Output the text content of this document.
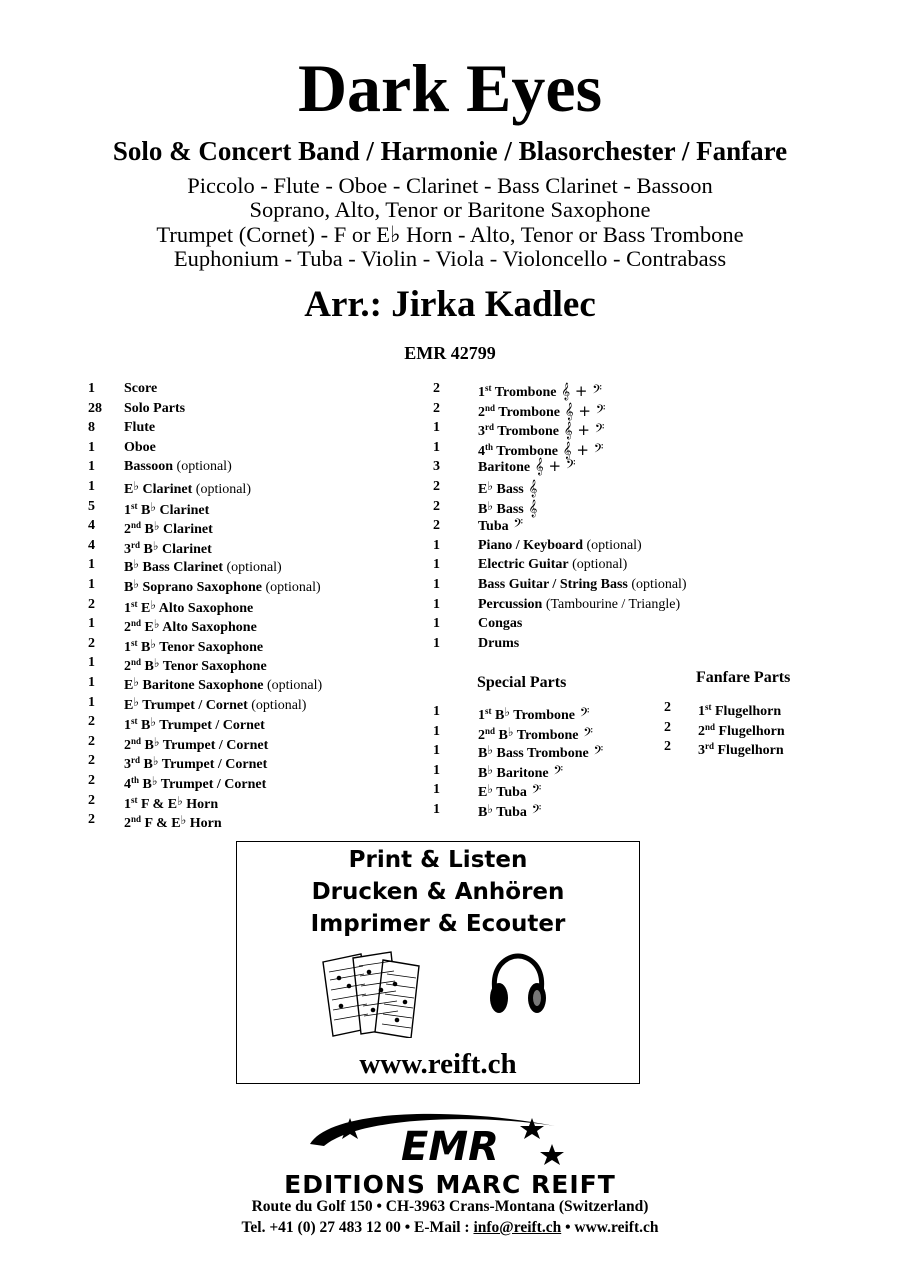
Dark Eyes
Solo & Concert Band / Harmonie / Blasorchester / Fanfare
Piccolo - Flute - Oboe - Clarinet - Bass Clarinet - Bassoon
Soprano, Alto, Tenor or Baritone Saxophone
Trumpet (Cornet) - F or E♭ Horn - Alto, Tenor or Bass Trombone
Euphonium - Tuba - Violin - Viola - Violoncello - Contrabass
Arr.: Jirka Kadlec
EMR 42799
1 Score
28 Solo Parts
8 Flute
1 Oboe
1 Bassoon (optional)
1 E♭ Clarinet (optional)
5 1st B♭ Clarinet
4 2nd B♭ Clarinet
4 3rd B♭ Clarinet
1 B♭ Bass Clarinet (optional)
1 B♭ Soprano Saxophone (optional)
2 1st E♭ Alto Saxophone
1 2nd E♭ Alto Saxophone
2 1st B♭ Tenor Saxophone
1 2nd B♭ Tenor Saxophone
1 E♭ Baritone Saxophone (optional)
1 E♭ Trumpet / Cornet (optional)
2 1st B♭ Trumpet / Cornet
2 2nd B♭ Trumpet / Cornet
2 3rd B♭ Trumpet / Cornet
2 4th B♭ Trumpet / Cornet
2 1st F & E♭ Horn
2 2nd F & E♭ Horn
2	1st Trombone 𝄞 + 𝄢
2	2nd Trombone 𝄞 + 𝄢
1	3rd Trombone 𝄞 + 𝄢
1	4th Trombone 𝄞 + 𝄢
3	Baritone 𝄞 + 𝄢
2	E♭ Bass 𝄞
2	B♭ Bass 𝄞
2	Tuba 𝄢
1	Piano / Keyboard (optional)
1	Electric Guitar (optional)
1	Bass Guitar / String Bass (optional)
1	Percussion (Tambourine / Triangle)
1	Congas
1	Drums
Special Parts
1	1st B♭ Trombone 𝄢
1	2nd B♭ Trombone 𝄢
1	B♭ Bass Trombone 𝄢
1	B♭ Baritone 𝄢
1	E♭ Tuba 𝄢
1	B♭ Tuba 𝄢
Fanfare Parts
2 1st Flugelhorn
2 2nd Flugelhorn
2 3rd Flugelhorn
Print & Listen
Drucken & Anhören
Imprimer & Ecouter
www.reift.ch
EMR
EDITIONS MARC REIFT
Route du Golf 150 • CH-3963 Crans-Montana (Switzerland)
Tel. +41 (0) 27 483 12 00 • E-Mail : info@reift.ch • www.reift.ch
